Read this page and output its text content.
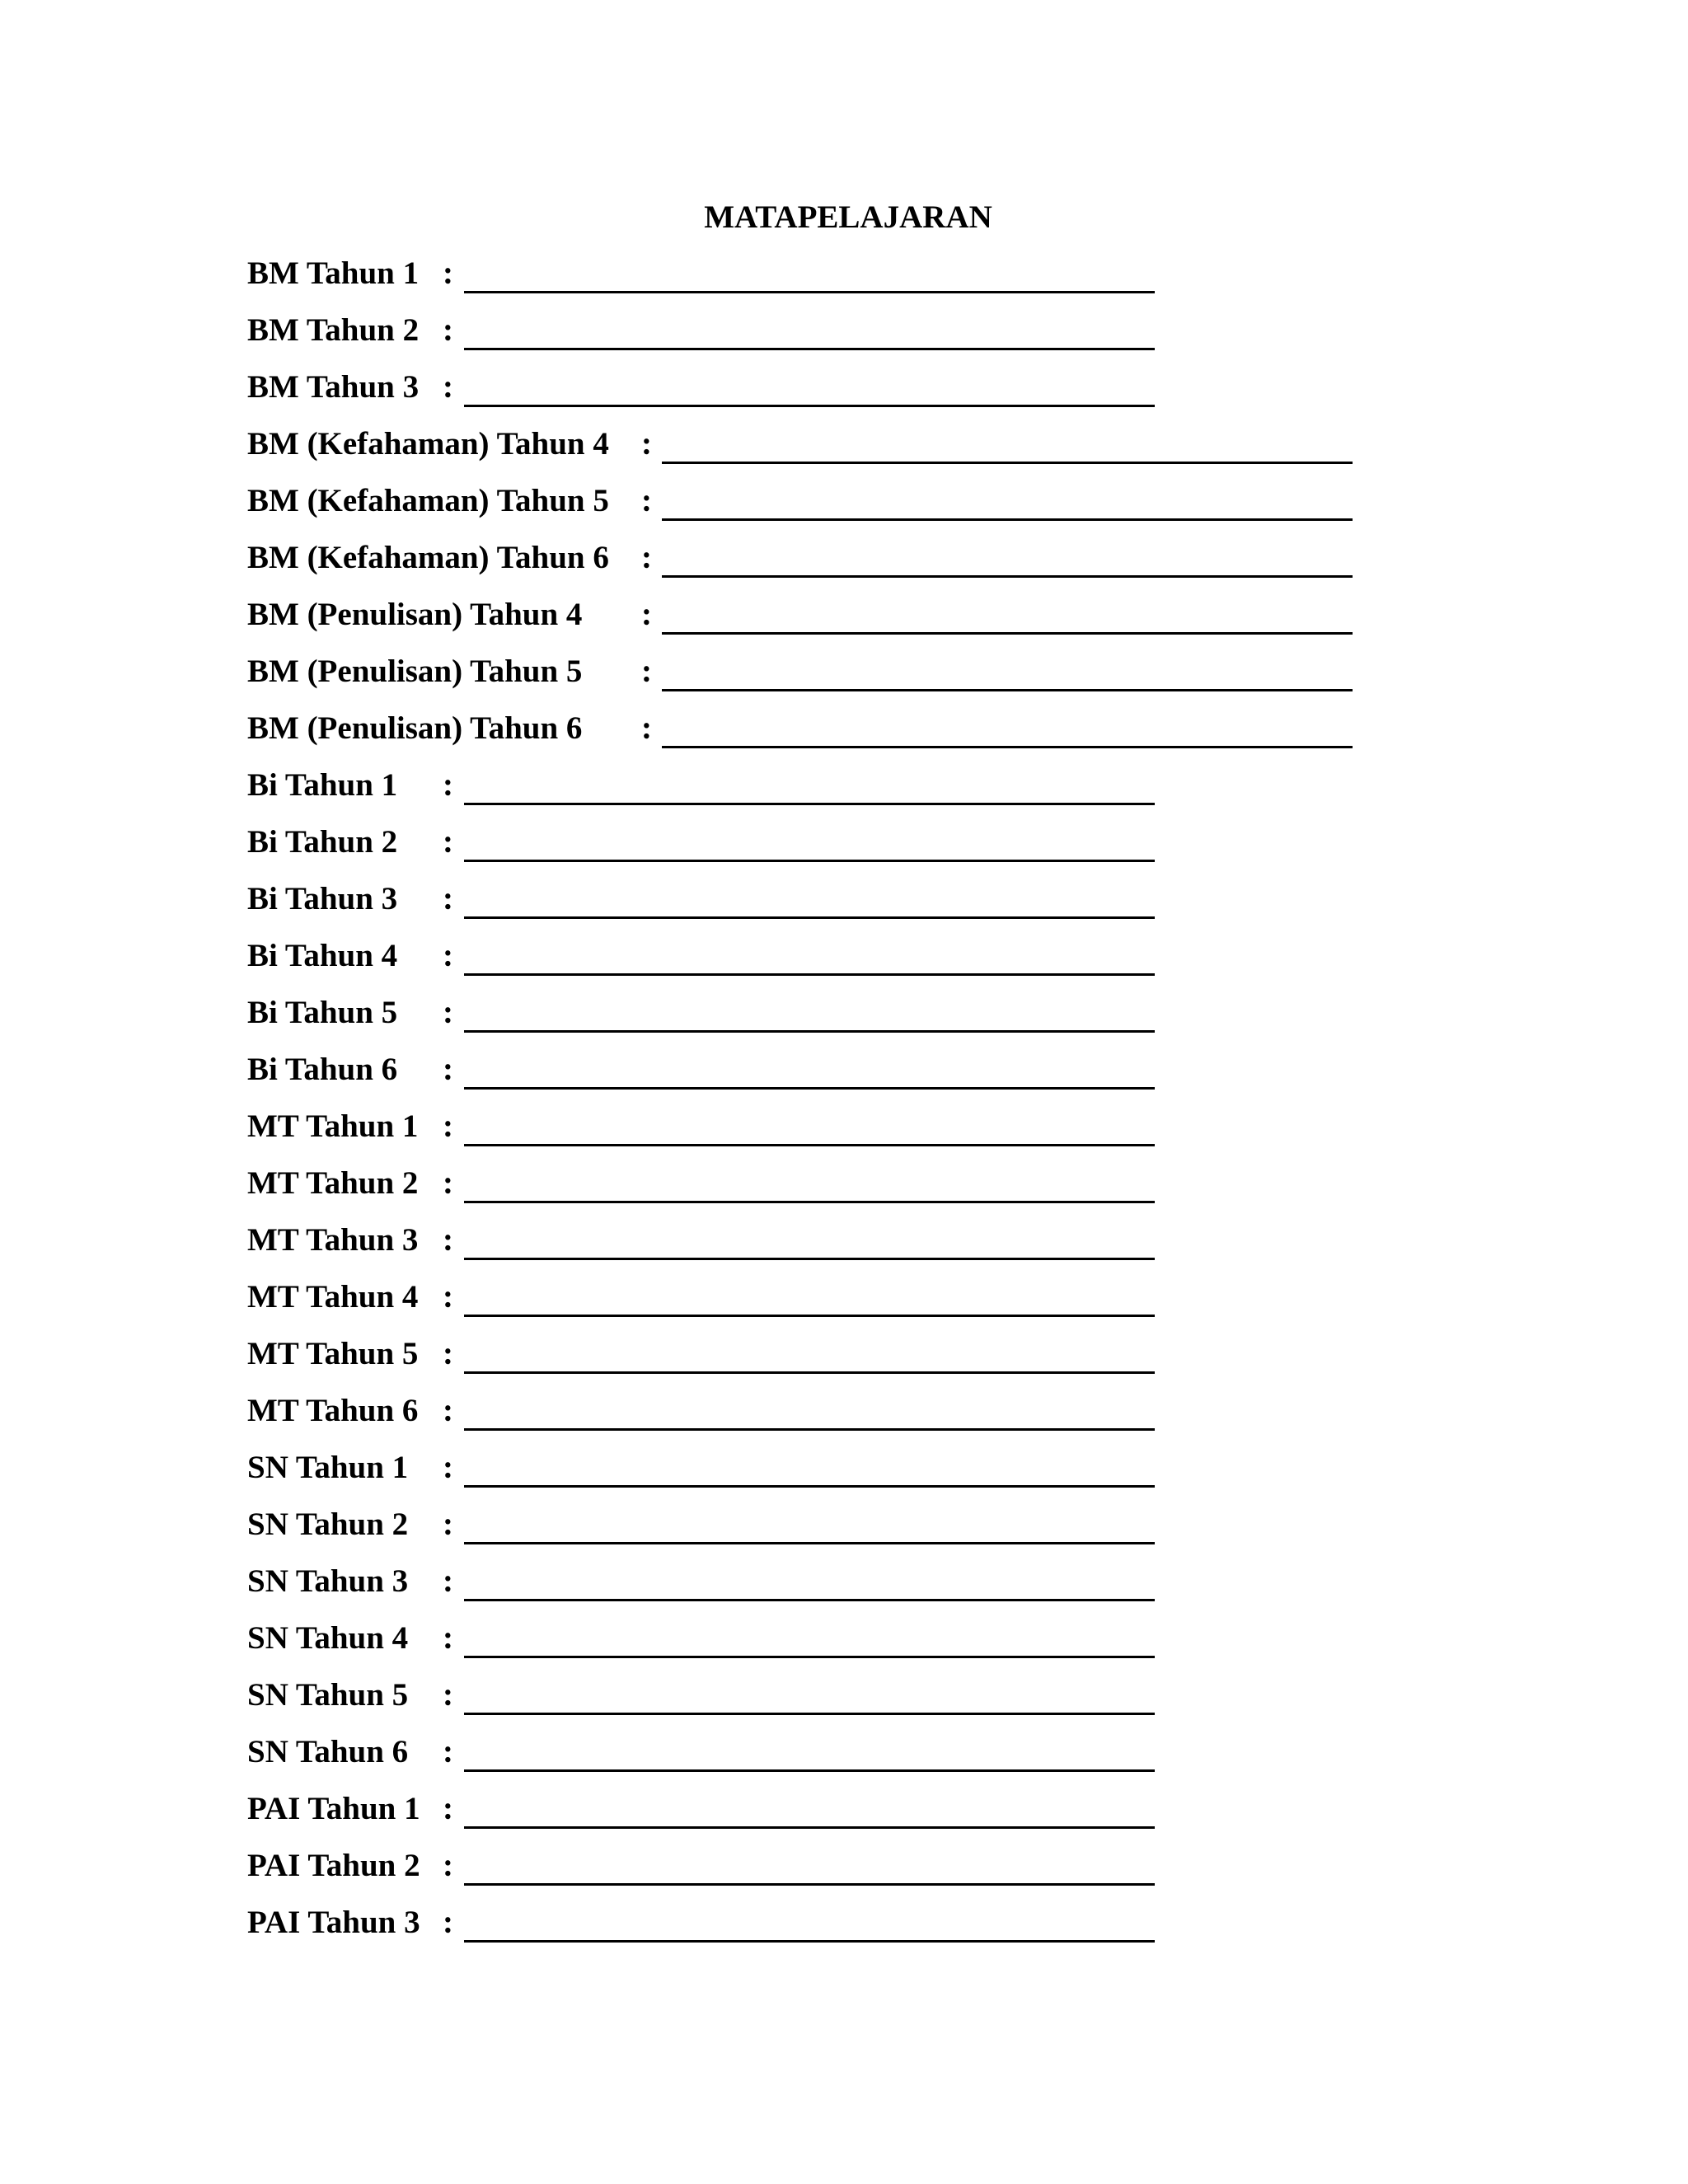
MATAPELAJARAN
BM Tahun 1 :
BM Tahun 2 :
BM Tahun 3 :
BM (Kefahaman) Tahun 4 :
BM (Kefahaman) Tahun 5 :
BM (Kefahaman) Tahun 6 :
BM (Penulisan) Tahun 4 :
BM (Penulisan) Tahun 5 :
BM (Penulisan) Tahun 6 :
Bi Tahun 1 :
Bi Tahun 2 :
Bi Tahun 3 :
Bi Tahun 4 :
Bi Tahun 5 :
Bi Tahun 6 :
MT Tahun 1 :
MT Tahun 2 :
MT Tahun 3 :
MT Tahun 4 :
MT Tahun 5 :
MT Tahun 6 :
SN Tahun 1 :
SN Tahun 2 :
SN Tahun 3 :
SN Tahun 4 :
SN Tahun 5 :
SN Tahun 6 :
PAI Tahun 1 :
PAI Tahun 2 :
PAI Tahun 3 :
